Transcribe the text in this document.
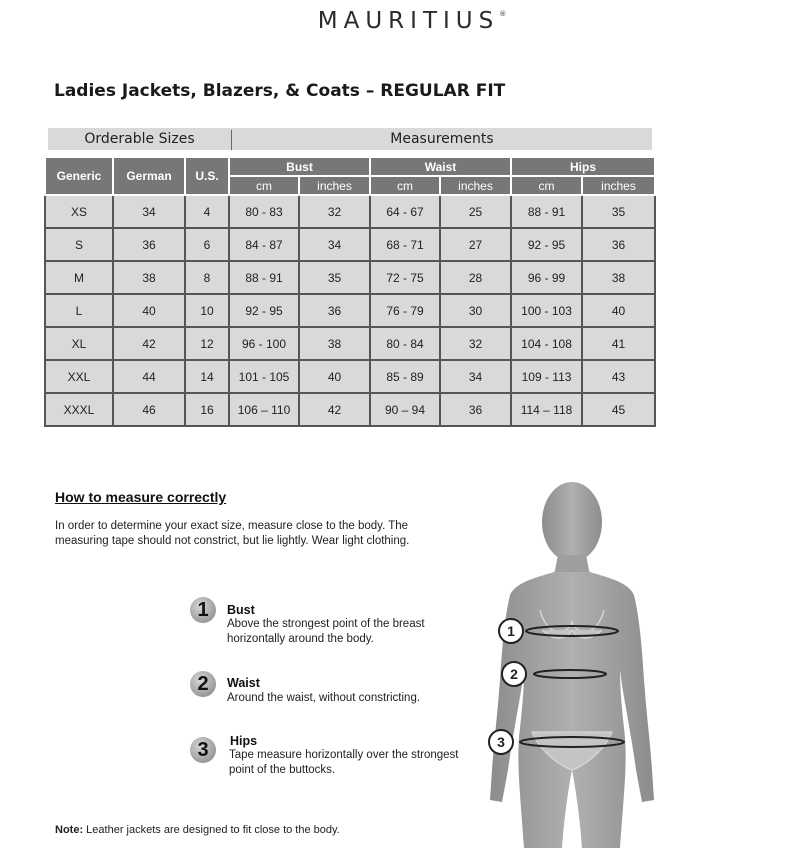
MAURITIUS®
Ladies Jackets, Blazers, & Coats – REGULAR FIT
Orderable Sizes	Measurements
Generic	German	U.S.	Bust		Waist		Hips	
			cm	inches	cm	inches	cm	inches
XS	34	4	80 - 83	32	64 - 67	25	88 - 91	35
S	36	6	84 - 87	34	68 - 71	27	92 - 95	36
M	38	8	88 - 91	35	72 - 75	28	96 - 99	38
L	40	10	92 - 95	36	76 - 79	30	100 - 103	40
XL	42	12	96 - 100	38	80 - 84	32	104 - 108	41
XXL	44	14	101 - 105	40	85 - 89	34	109 - 113	43
XXXL	46	16	106 – 110	42	90 – 94	36	114 – 118	45
How to measure correctly
In order to determine your exact size, measure close to the body. The measuring tape should not constrict, but lie lightly. Wear light clothing.
1	Bust
Above the strongest point of the breast horizontally around the body.
2	Waist
Around the waist, without constricting.
3	Hips
Tape measure horizontally over the strongest point of the buttocks.
1
2
3
Note: Leather jackets are designed to fit close to the body.
